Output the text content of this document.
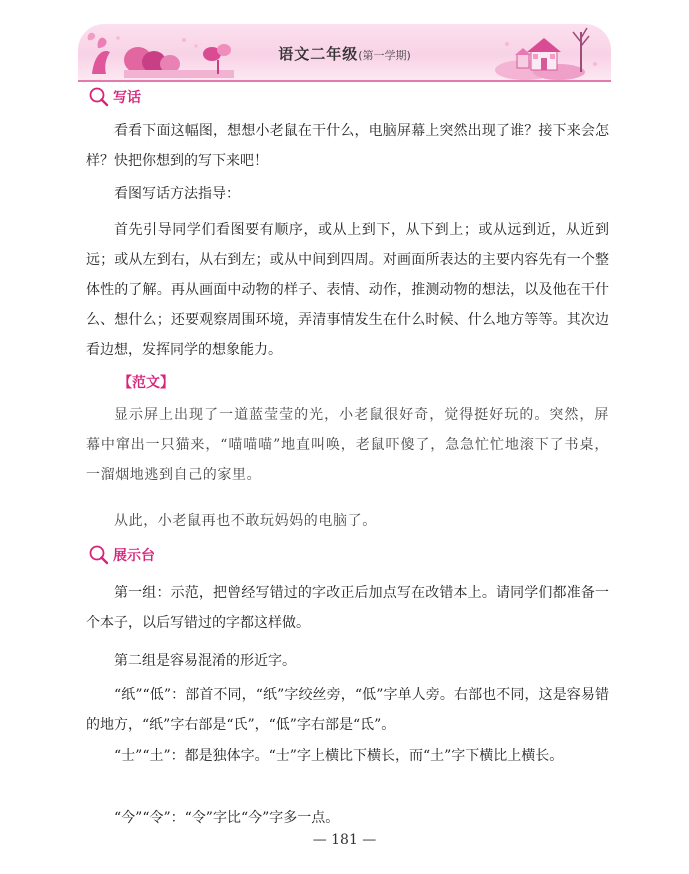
语文二年级(第一学期)
写话

看看下面这幅图，想想小老鼠在干什么，电脑屏幕上突然出现了谁？接下来会怎样？快把你想到的写下来吧！

看图写话方法指导：

首先引导同学们看图要有顺序，或从上到下，从下到上；或从远到近，从近到远；或从左到右，从右到左；或从中间到四周。对画面所表达的主要内容先有一个整体性的了解。再从画面中动物的样子、表情、动作，推测动物的想法，以及他在干什么、想什么；还要观察周围环境，弄清事情发生在什么时候、什么地方等等。其次边看边想，发挥同学的想象能力。

【范文】

显示屏上出现了一道蓝莹莹的光，小老鼠很好奇，觉得挺好玩的。突然，屏幕中窜出一只猫来，“喵喵喵”地直叫唤，老鼠吓傻了，急急忙忙地滚下了书桌，一溜烟地逃到自己的家里。

从此，小老鼠再也不敢玩妈妈的电脑了。

展示台

第一组：示范，把曾经写错过的字改正后加点写在改错本上。请同学们都准备一个本子，以后写错过的字都这样做。

第二组是容易混淆的形近字。

“纸”“低”：部首不同，“纸”字绞丝旁，“低”字单人旁。右部也不同，这是容易错的地方，“纸”字右部是“氏”，“低”字右部是“氐”。

“士”“土”：都是独体字。“士”字上横比下横长，而“土”字下横比上横长。

“今”“令”：“令”字比“今”字多一点。

— 181 —
